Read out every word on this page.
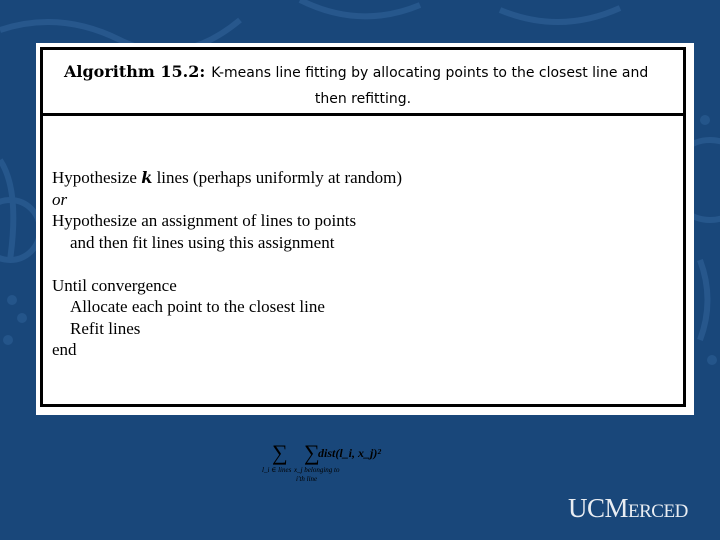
Algorithm 15.2: K-means line fitting by allocating points to the closest line and
then refitting.
Hypothesize k lines (perhaps uniformly at random)
or
Hypothesize an assignment of lines to points
and then fit lines using this assignment
Until convergence
Allocate each point to the closest line
Refit lines
end
∑
l_i ∈ lines
∑
x_j belonging to
i'th line
dist(l_i, x_j)²
UCMerced
